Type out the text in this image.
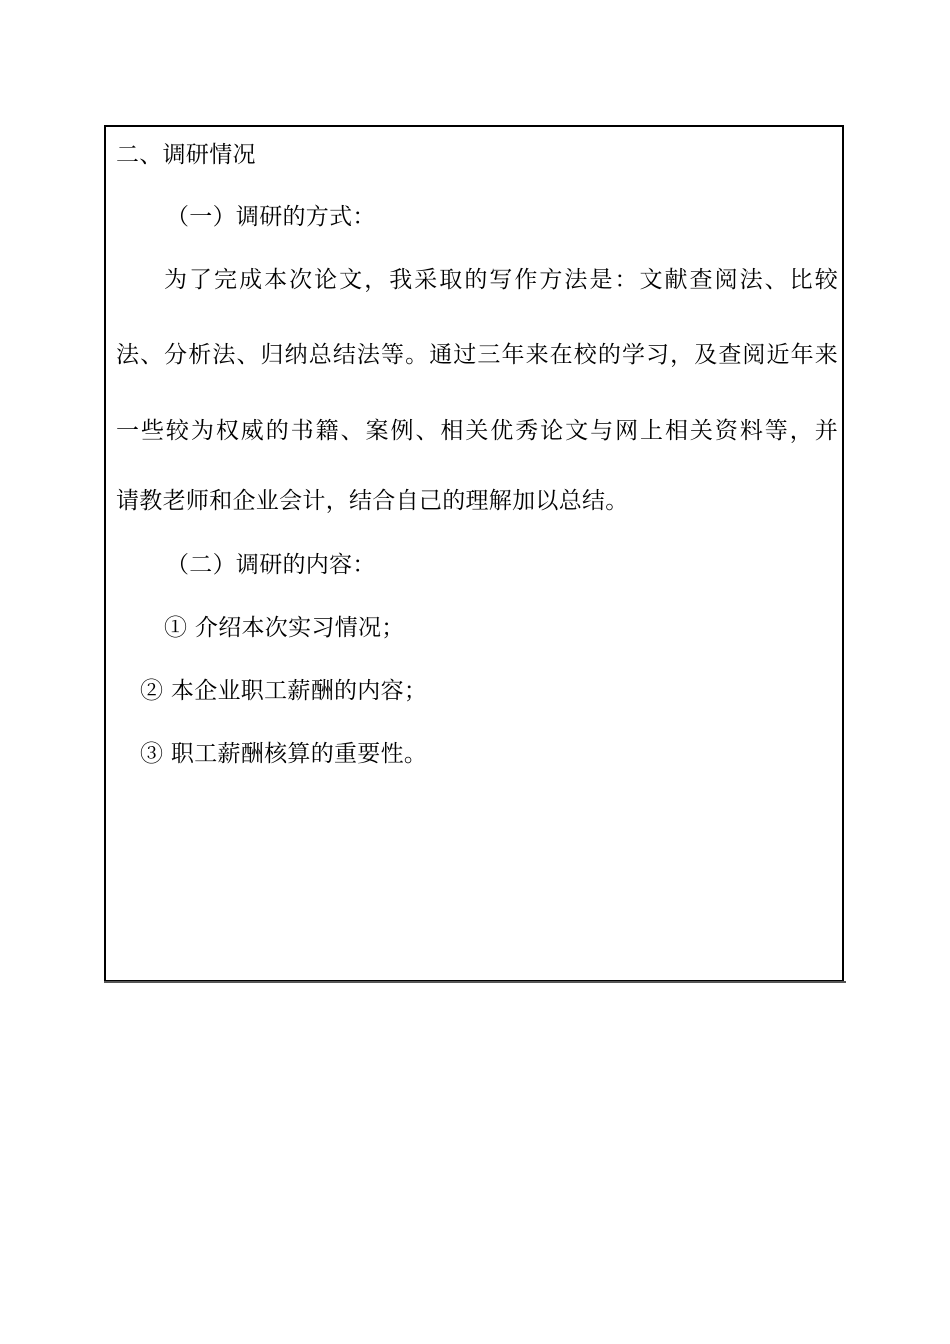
二、调研情况
（一）调研的方式：
为了完成本次论文，我采取的写作方法是：文献查阅法、比较
法、分析法、归纳总结法等。通过三年来在校的学习，及查阅近年来
一些较为权威的书籍、案例、相关优秀论文与网上相关资料等，并
请教老师和企业会计，结合自己的理解加以总结。
（二）调研的内容：
① 介绍本次实习情况；
② 本企业职工薪酬的内容；
③ 职工薪酬核算的重要性。
